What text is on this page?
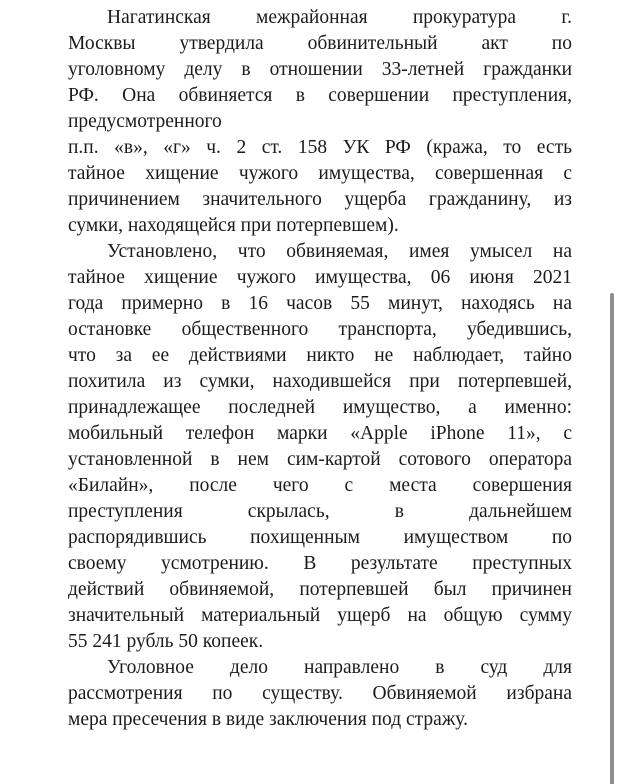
Нагатинская межрайонная прокуратура г.
Москвы утвердила обвинительный акт по
уголовному делу в отношении 33-летней гражданки
РФ. Она обвиняется в совершении преступления,
предусмотренного
п.п. «в», «г» ч. 2 ст. 158 УК РФ (кража, то есть
тайное хищение чужого имущества, совершенная с
причинением значительного ущерба гражданину, из
сумки, находящейся при потерпевшем).
Установлено, что обвиняемая, имея умысел на
тайное хищение чужого имущества, 06 июня 2021
года примерно в 16 часов 55 минут, находясь на
остановке общественного транспорта, убедившись,
что за ее действиями никто не наблюдает, тайно
похитила из сумки, находившейся при потерпевшей,
принадлежащее последней имущество, а именно:
мобильный телефон марки «Apple iPhone 11», с
установленной в нем сим-картой сотового оператора
«Билайн», после чего с места совершения
преступления скрылась, в дальнейшем
распорядившись похищенным имуществом по
своему усмотрению. В результате преступных
действий обвиняемой, потерпевшей был причинен
значительный материальный ущерб на общую сумму
55 241 рубль 50 копеек.
Уголовное дело направлено в суд для
рассмотрения по существу. Обвиняемой избрана
мера пресечения в виде заключения под стражу.
